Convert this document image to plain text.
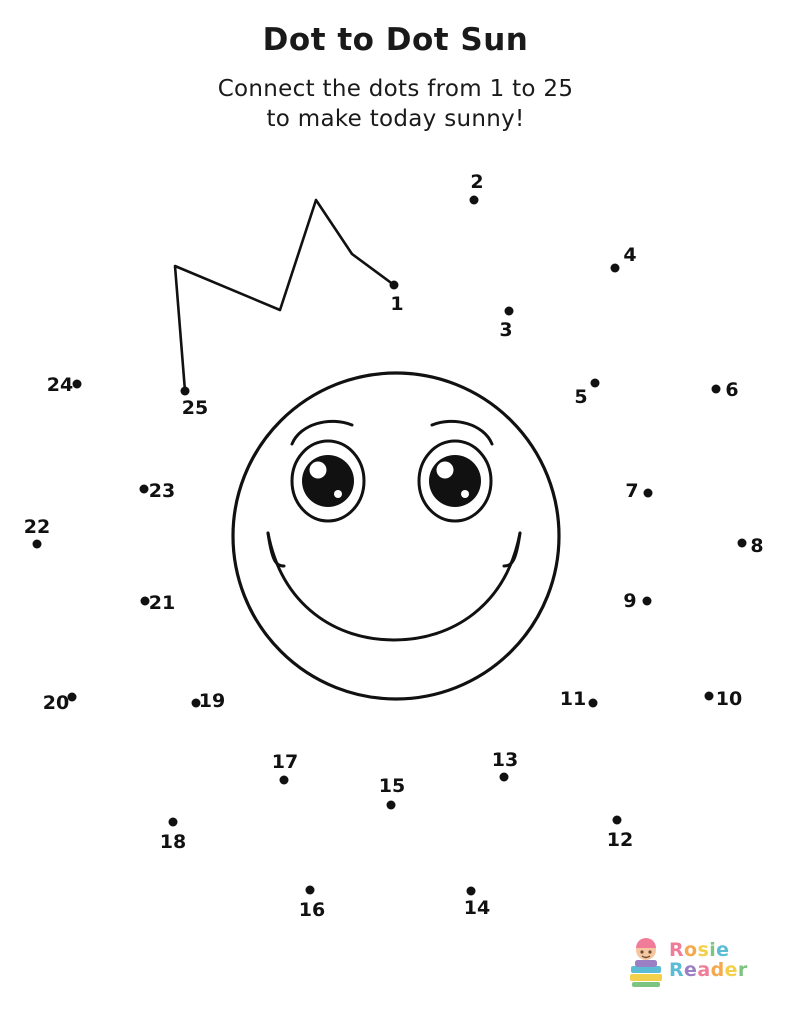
Dot to Dot Sun
Connect the dots from 1 to 25
to make today sunny!
1
2
3
4
5	6
7
8
9
10
11
12
13
14
15
16
17
18
19
20
21
22
23
24
25
Rosie
Reader
